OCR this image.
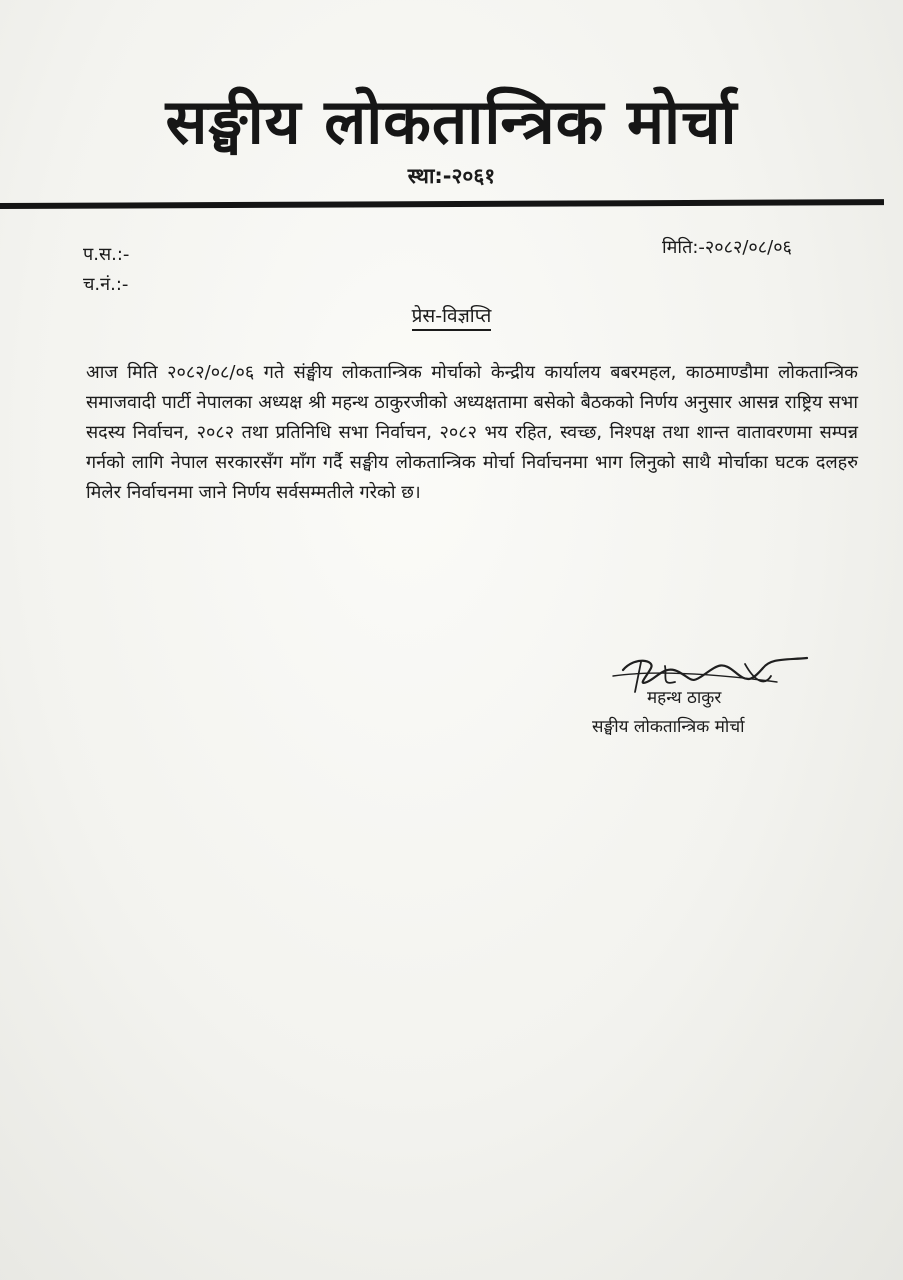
सङ्घीय लोकतान्त्रिक मोर्चा
स्था:-२०६१
प.स.:-
च.नं.:-
मिति:-२०८२/०८/०६
प्रेस-विज्ञप्ति

आज मिति २०८२/०८/०६ गते संङ्घीय लोकतान्त्रिक मोर्चाको केन्द्रीय कार्यालय बबरमहल, काठमाण्डौमा लोकतान्त्रिक समाजवादी पार्टी नेपालका अध्यक्ष श्री महन्थ ठाकुरजीको अध्यक्षतामा बसेको बैठकको निर्णय अनुसार आसन्न राष्ट्रिय सभा सदस्य निर्वाचन, २०८२ तथा प्रतिनिधि सभा निर्वाचन, २०८२ भय रहित, स्वच्छ, निश्पक्ष तथा शान्त वातावरणमा सम्पन्न गर्नको लागि नेपाल सरकारसँग माँग गर्दै सङ्घीय लोकतान्त्रिक मोर्चा निर्वाचनमा भाग लिनुको साथै मोर्चाका घटक दलहरु मिलेर निर्वाचनमा जाने निर्णय सर्वसम्मतीले गरेको छ।

महन्थ ठाकुर
सङ्घीय लोकतान्त्रिक मोर्चा
